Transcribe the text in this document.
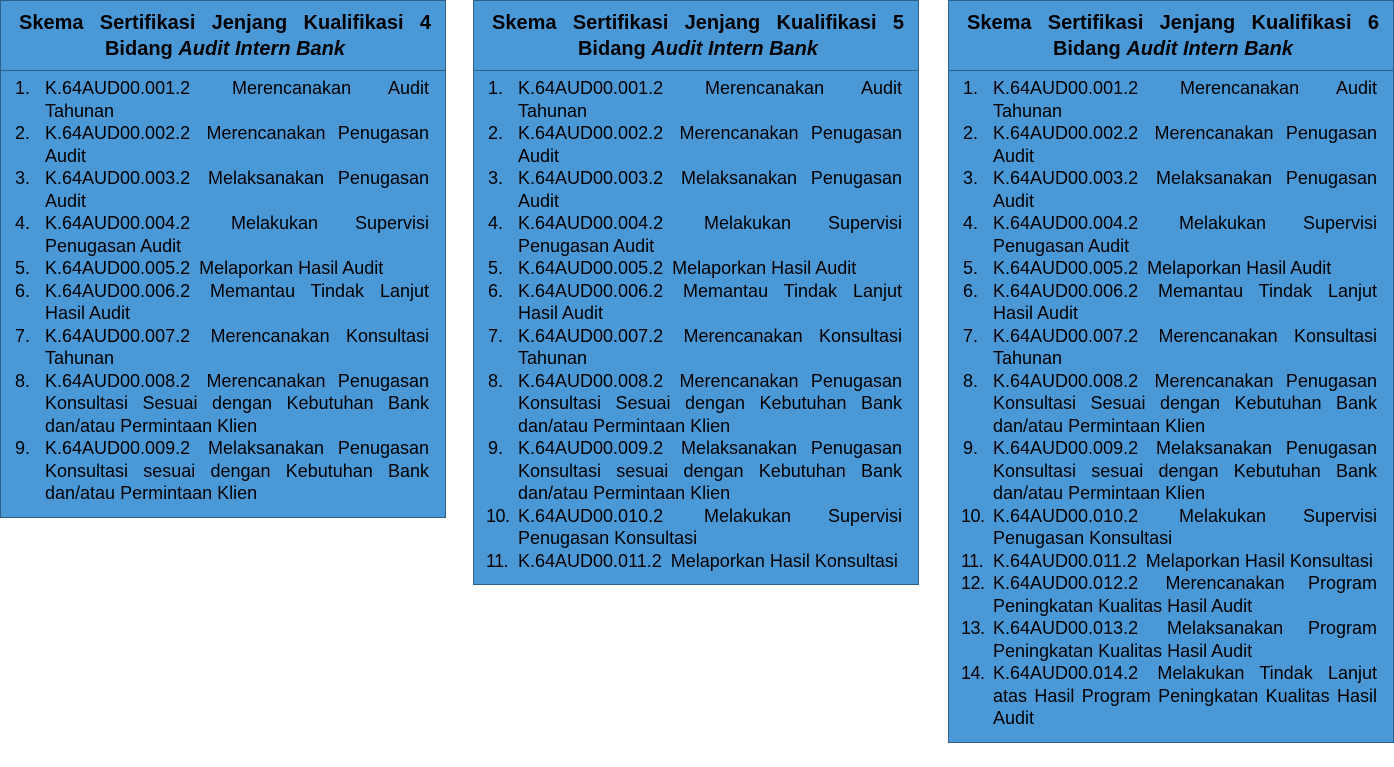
Skema Sertifikasi Jenjang Kualifikasi 4
Bidang Audit Intern Bank
1. K.64AUD00.001.2 Merencanakan Audit Tahunan
2. K.64AUD00.002.2 Merencanakan Penugasan Audit
3. K.64AUD00.003.2 Melaksanakan Penugasan Audit
4. K.64AUD00.004.2 Melakukan Supervisi Penugasan Audit
5. K.64AUD00.005.2 Melaporkan Hasil Audit
6. K.64AUD00.006.2 Memantau Tindak Lanjut Hasil Audit
7. K.64AUD00.007.2 Merencanakan Konsultasi Tahunan
8. K.64AUD00.008.2 Merencanakan Penugasan Konsultasi Sesuai dengan Kebutuhan Bank dan/atau Permintaan Klien
9. K.64AUD00.009.2 Melaksanakan Penugasan Konsultasi sesuai dengan Kebutuhan Bank dan/atau Permintaan Klien
Skema Sertifikasi Jenjang Kualifikasi 5
Bidang Audit Intern Bank
1. K.64AUD00.001.2 Merencanakan Audit Tahunan
2. K.64AUD00.002.2 Merencanakan Penugasan Audit
3. K.64AUD00.003.2 Melaksanakan Penugasan Audit
4. K.64AUD00.004.2 Melakukan Supervisi Penugasan Audit
5. K.64AUD00.005.2 Melaporkan Hasil Audit
6. K.64AUD00.006.2 Memantau Tindak Lanjut Hasil Audit
7. K.64AUD00.007.2 Merencanakan Konsultasi Tahunan
8. K.64AUD00.008.2 Merencanakan Penugasan Konsultasi Sesuai dengan Kebutuhan Bank dan/atau Permintaan Klien
9. K.64AUD00.009.2 Melaksanakan Penugasan Konsultasi sesuai dengan Kebutuhan Bank dan/atau Permintaan Klien
10. K.64AUD00.010.2 Melakukan Supervisi Penugasan Konsultasi
11. K.64AUD00.011.2 Melaporkan Hasil Konsultasi
Skema Sertifikasi Jenjang Kualifikasi 6
Bidang Audit Intern Bank
1. K.64AUD00.001.2 Merencanakan Audit Tahunan
2. K.64AUD00.002.2 Merencanakan Penugasan Audit
3. K.64AUD00.003.2 Melaksanakan Penugasan Audit
4. K.64AUD00.004.2 Melakukan Supervisi Penugasan Audit
5. K.64AUD00.005.2 Melaporkan Hasil Audit
6. K.64AUD00.006.2 Memantau Tindak Lanjut Hasil Audit
7. K.64AUD00.007.2 Merencanakan Konsultasi Tahunan
8. K.64AUD00.008.2 Merencanakan Penugasan Konsultasi Sesuai dengan Kebutuhan Bank dan/atau Permintaan Klien
9. K.64AUD00.009.2 Melaksanakan Penugasan Konsultasi sesuai dengan Kebutuhan Bank dan/atau Permintaan Klien
10. K.64AUD00.010.2 Melakukan Supervisi Penugasan Konsultasi
11. K.64AUD00.011.2 Melaporkan Hasil Konsultasi
12. K.64AUD00.012.2 Merencanakan Program Peningkatan Kualitas Hasil Audit
13. K.64AUD00.013.2 Melaksanakan Program Peningkatan Kualitas Hasil Audit
14. K.64AUD00.014.2 Melakukan Tindak Lanjut atas Hasil Program Peningkatan Kualitas Hasil Audit
